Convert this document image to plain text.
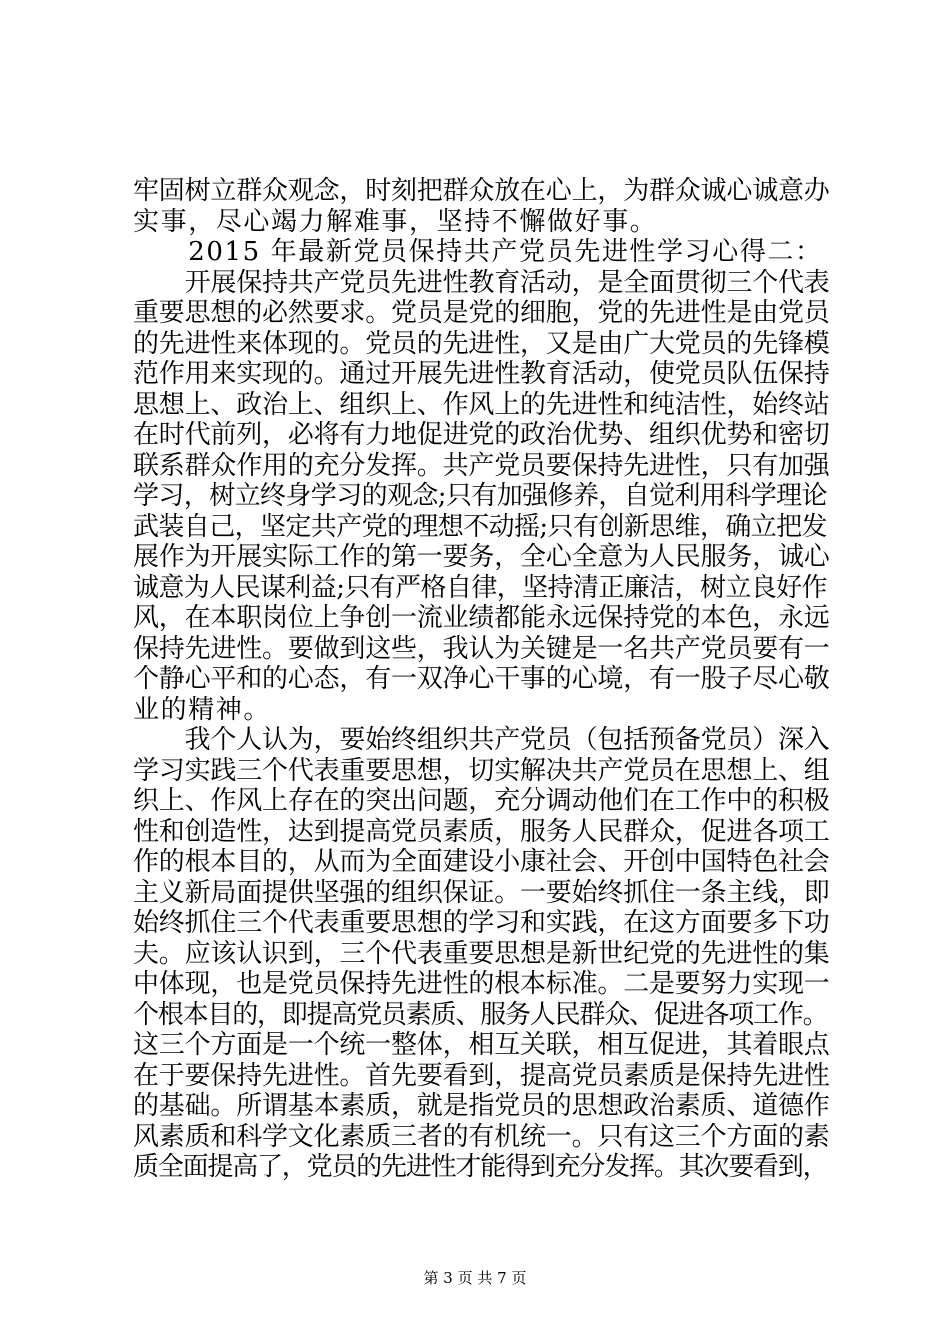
牢固树立群众观念，时刻把群众放在心上，为群众诚心诚意办
实事，尽心竭力解难事，坚持不懈做好事。
　　2015 年最新党员保持共产党员先进性学习心得二：
　　开展保持共产党员先进性教育活动，是全面贯彻三个代表
重要思想的必然要求。党员是党的细胞，党的先进性是由党员
的先进性来体现的。党员的先进性，又是由广大党员的先锋模
范作用来实现的。通过开展先进性教育活动，使党员队伍保持
思想上、政治上、组织上、作风上的先进性和纯洁性，始终站
在时代前列，必将有力地促进党的政治优势、组织优势和密切
联系群众作用的充分发挥。共产党员要保持先进性，只有加强
学习，树立终身学习的观念;只有加强修养，自觉利用科学理论
武装自己，坚定共产党的理想不动摇;只有创新思维，确立把发
展作为开展实际工作的第一要务，全心全意为人民服务，诚心
诚意为人民谋利益;只有严格自律，坚持清正廉洁，树立良好作
风，在本职岗位上争创一流业绩都能永远保持党的本色，永远
保持先进性。要做到这些，我认为关键是一名共产党员要有一
个静心平和的心态，有一双净心干事的心境，有一股子尽心敬
业的精神。
　　我个人认为，要始终组织共产党员（包括预备党员）深入
学习实践三个代表重要思想，切实解决共产党员在思想上、组
织上、作风上存在的突出问题，充分调动他们在工作中的积极
性和创造性，达到提高党员素质，服务人民群众，促进各项工
作的根本目的，从而为全面建设小康社会、开创中国特色社会
主义新局面提供坚强的组织保证。一要始终抓住一条主线，即
始终抓住三个代表重要思想的学习和实践，在这方面要多下功
夫。应该认识到，三个代表重要思想是新世纪党的先进性的集
中体现，也是党员保持先进性的根本标准。二是要努力实现一
个根本目的，即提高党员素质、服务人民群众、促进各项工作。
这三个方面是一个统一整体，相互关联，相互促进，其着眼点
在于要保持先进性。首先要看到，提高党员素质是保持先进性
的基础。所谓基本素质，就是指党员的思想政治素质、道德作
风素质和科学文化素质三者的有机统一。只有这三个方面的素
质全面提高了，党员的先进性才能得到充分发挥。其次要看到，
第 3 页 共 7 页
